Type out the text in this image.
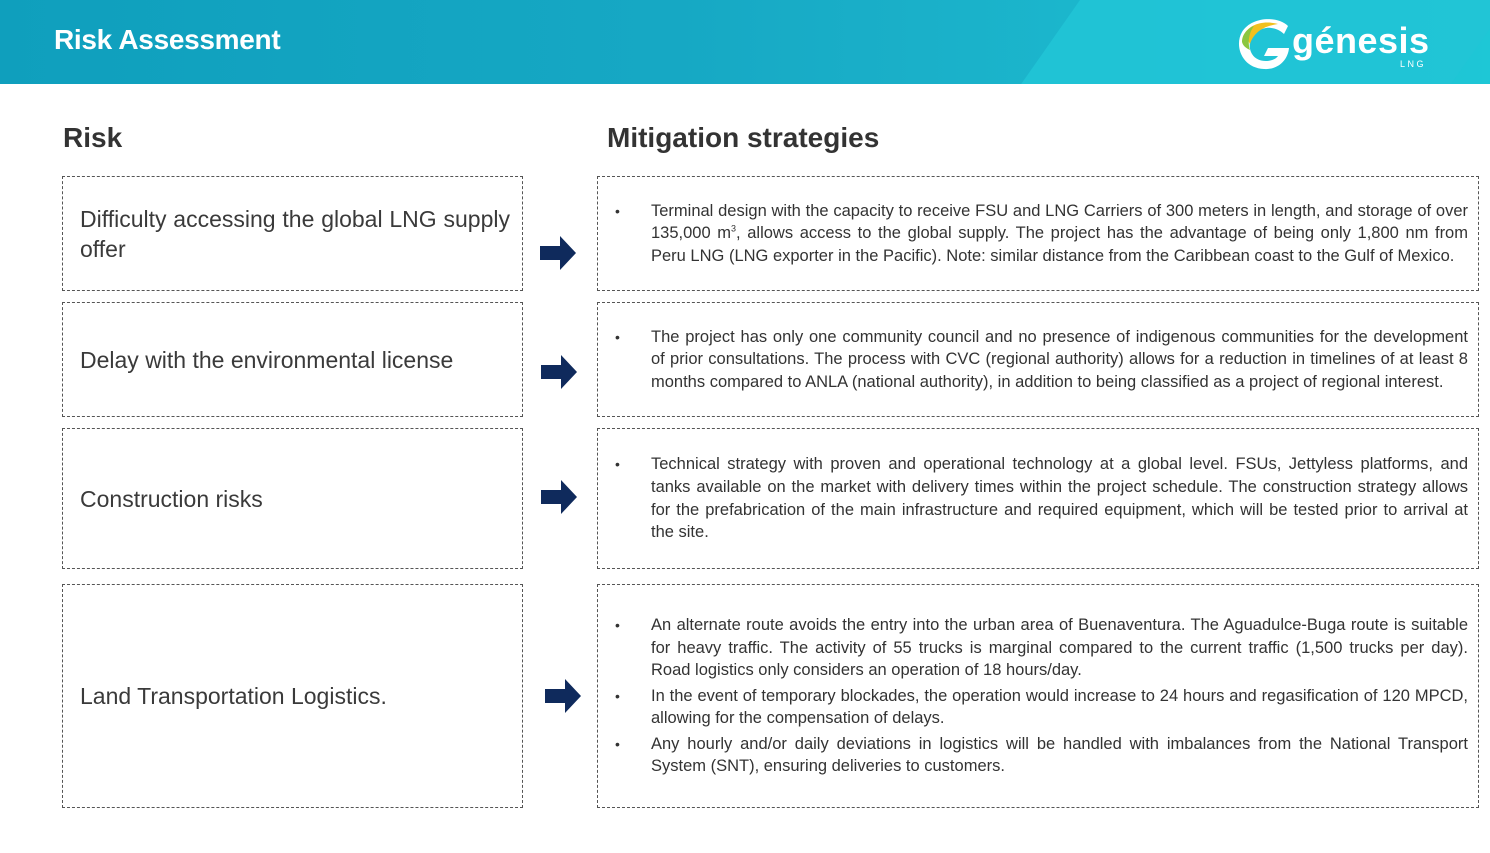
Risk Assessment	génesis
LNG
Risk	Mitigation strategies
Difficulty accessing the global LNG supply offer
• Terminal design with the capacity to receive FSU and LNG Carriers of 300 meters in length, and storage of over 135,000 $m^3$, allows access to the global supply. The project has the advantage of being only 1,800 nm from Peru LNG (LNG exporter in the Pacific). Note: similar distance from the Caribbean coast to the Gulf of Mexico.
Delay with the environmental license
• The project has only one community council and no presence of indigenous communities for the development of prior consultations. The process with CVC (regional authority) allows for a reduction in timelines of at least 8 months compared to ANLA (national authority), in addition to being classified as a project of regional interest.
Construction risks
• Technical strategy with proven and operational technology at a global level. FSUs, Jettyless platforms, and tanks available on the market with delivery times within the project schedule. The construction strategy allows for the prefabrication of the main infrastructure and required equipment, which will be tested prior to arrival at the site.
Land Transportation Logistics.
• An alternate route avoids the entry into the urban area of Buenaventura. The Aguadulce-Buga route is suitable for heavy traffic. The activity of 55 trucks is marginal compared to the current traffic (1,500 trucks per day). Road logistics only considers an operation of 18 hours/day.
• In the event of temporary blockades, the operation would increase to 24 hours and regasification of 120 MPCD, allowing for the compensation of delays.
• Any hourly and/or daily deviations in logistics will be handled with imbalances from the National Transport System (SNT), ensuring deliveries to customers.
